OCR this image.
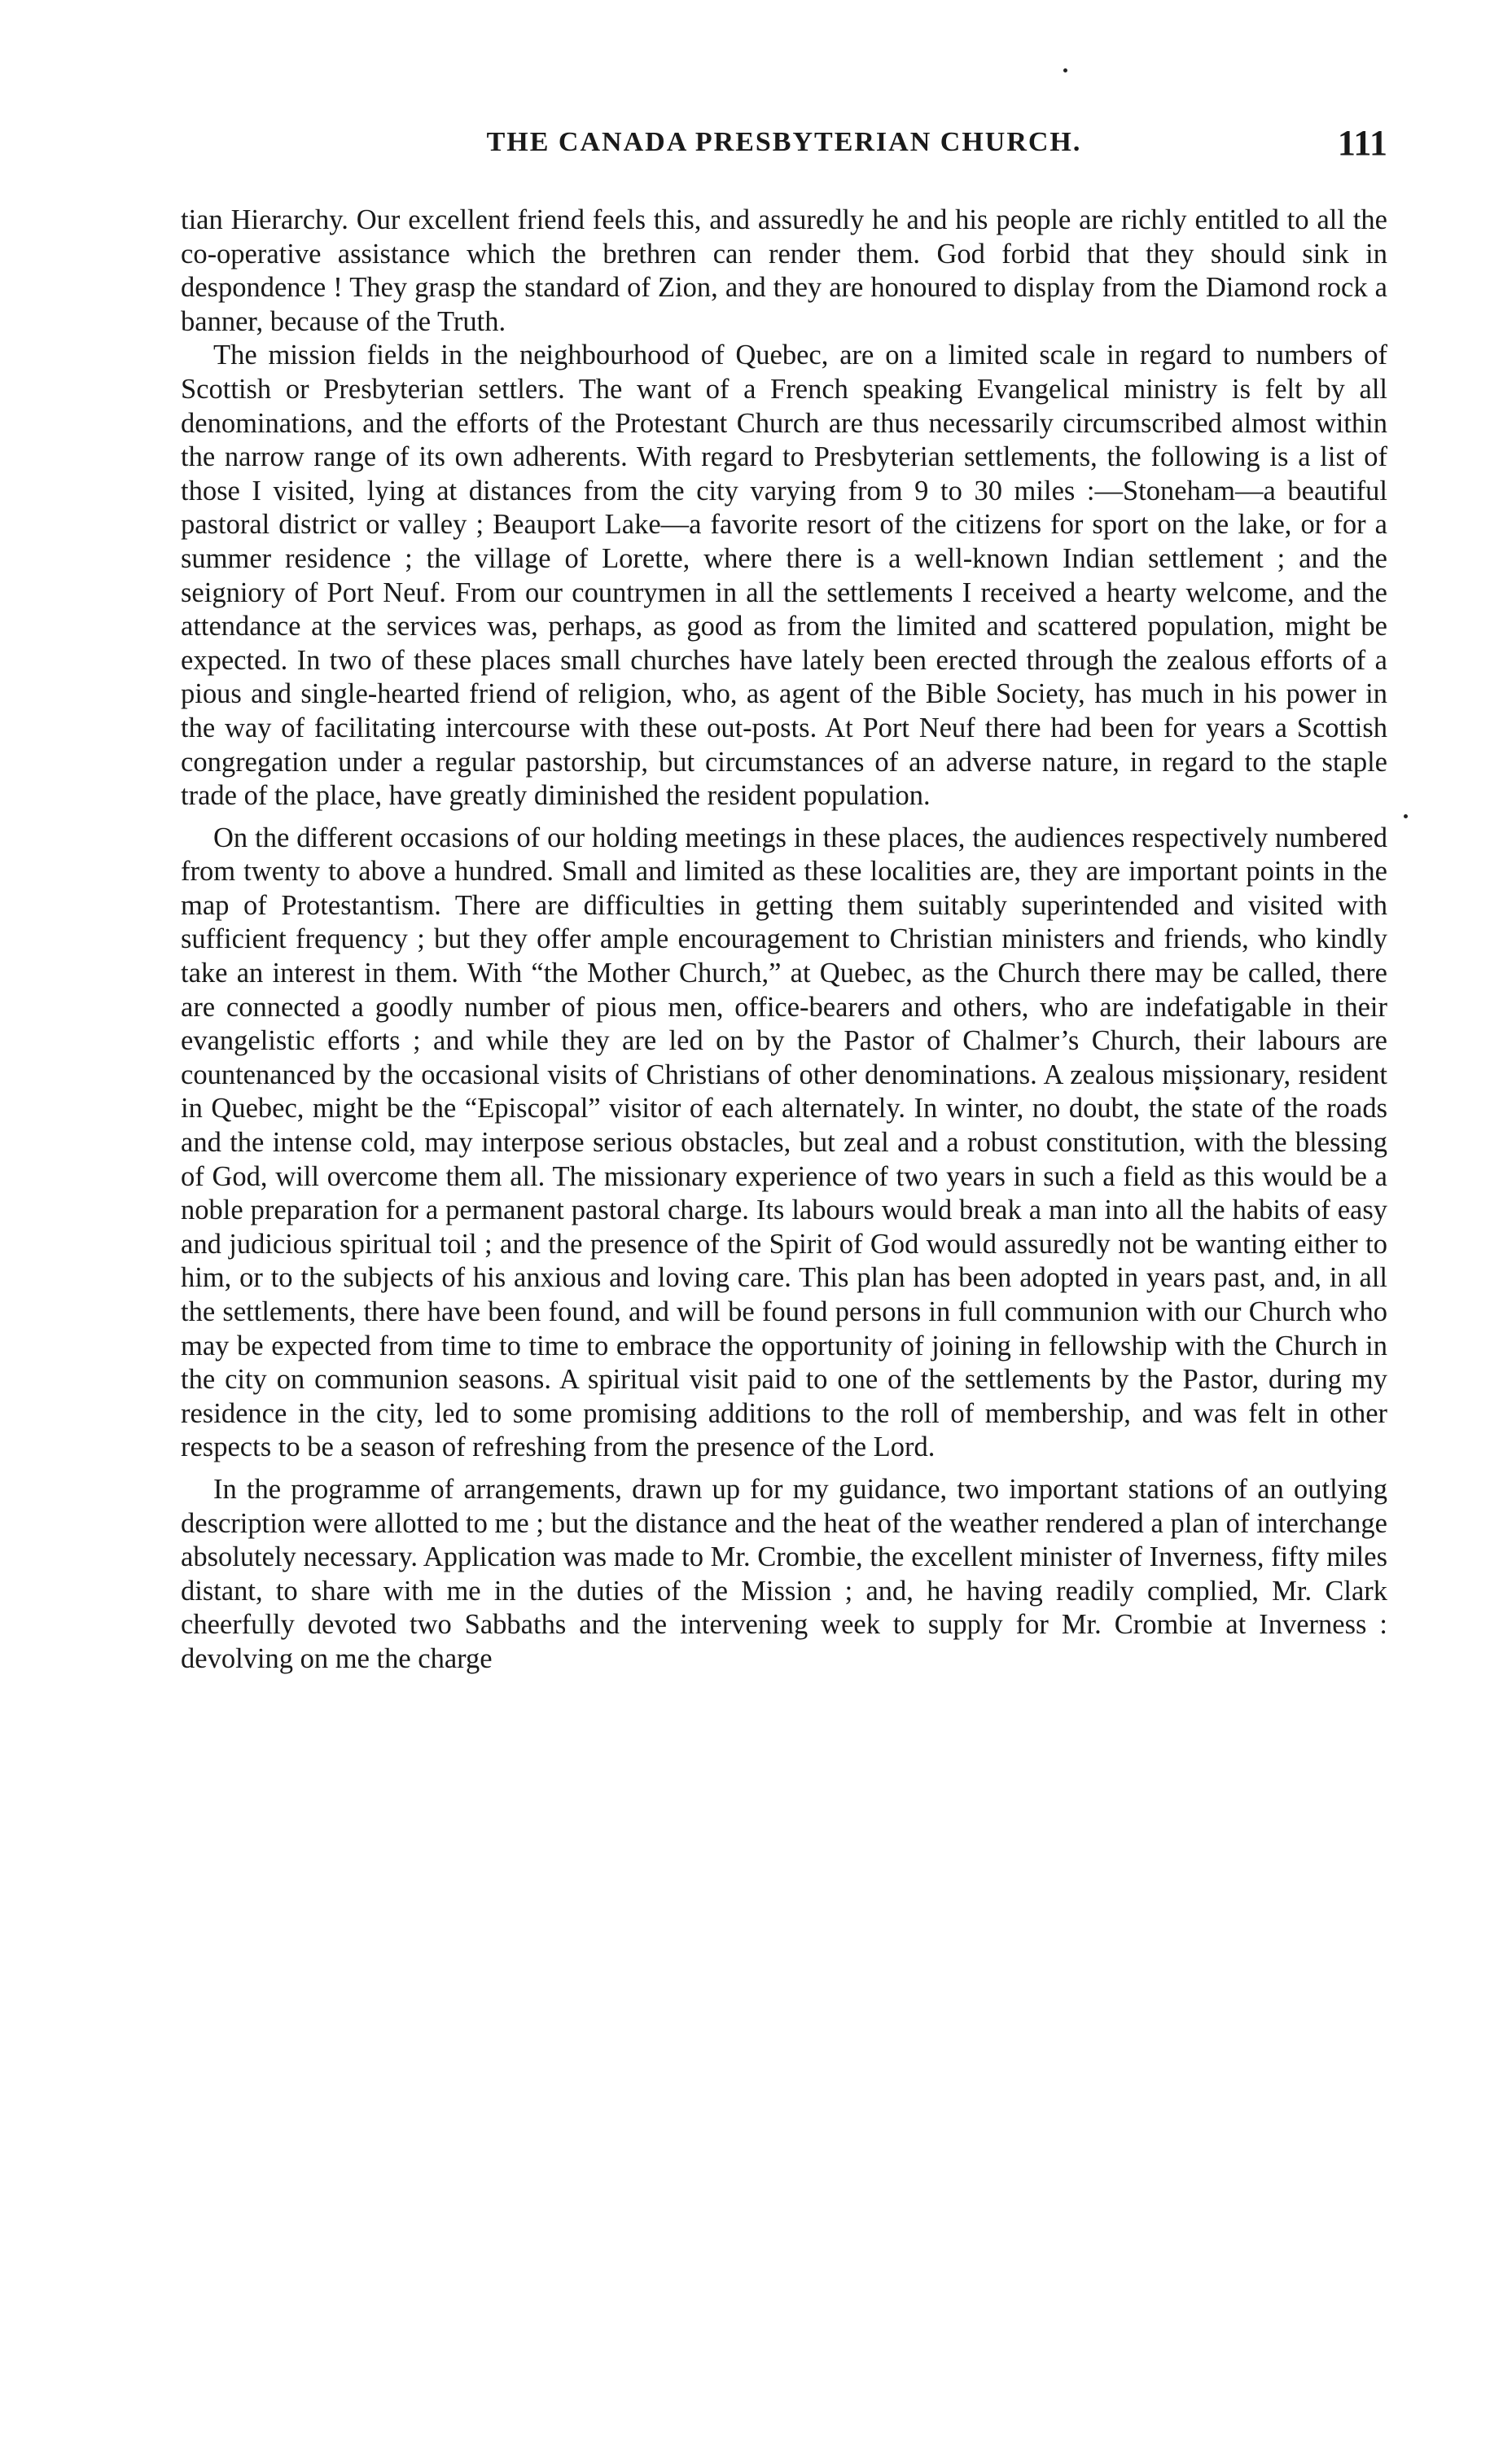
THE CANADA PRESBYTERIAN CHURCH.	111

tian Hierarchy. Our excellent friend feels this, and assuredly he and his people are richly entitled to all the co-operative assistance which the brethren can render them. God forbid that they should sink in despondence ! They grasp the standard of Zion, and they are honoured to display from the Diamond rock a banner, because of the Truth.

The mission fields in the neighbourhood of Quebec, are on a limited scale in regard to numbers of Scottish or Presbyterian settlers. The want of a French speaking Evangelical ministry is felt by all denominations, and the efforts of the Protestant Church are thus necessarily circumscribed almost within the narrow range of its own adherents. With regard to Presbyterian settlements, the following is a list of those I visited, lying at distances from the city varying from 9 to 30 miles :—Stoneham—a beautiful pastoral district or valley ; Beauport Lake—a favorite resort of the citizens for sport on the lake, or for a summer residence ; the village of Lorette, where there is a well-known Indian settlement ; and the seigniory of Port Neuf. From our countrymen in all the settlements I received a hearty welcome, and the attendance at the services was, perhaps, as good as from the limited and scattered population, might be expected. In two of these places small churches have lately been erected through the zealous efforts of a pious and single-hearted friend of religion, who, as agent of the Bible Society, has much in his power in the way of facilitating intercourse with these out-posts. At Port Neuf there had been for years a Scottish congregation under a regular pastorship, but circumstances of an adverse nature, in regard to the staple trade of the place, have greatly diminished the resident population.

On the different occasions of our holding meetings in these places, the audiences respectively numbered from twenty to above a hundred. Small and limited as these localities are, they are important points in the map of Protestantism. There are difficulties in getting them suitably superintended and visited with sufficient frequency ; but they offer ample encouragement to Christian ministers and friends, who kindly take an interest in them. With “the Mother Church,” at Quebec, as the Church there may be called, there are connected a goodly number of pious men, office-bearers and others, who are indefatigable in their evangelistic efforts ; and while they are led on by the Pastor of Chalmer’s Church, their labours are countenanced by the occasional visits of Christians of other denominations. A zealous missionary, resident in Quebec, might be the “Episcopal” visitor of each alternately. In winter, no doubt, the state of the roads and the intense cold, may interpose serious obstacles, but zeal and a robust constitution, with the blessing of God, will overcome them all. The missionary experience of two years in such a field as this would be a noble preparation for a permanent pastoral charge. Its labours would break a man into all the habits of easy and judicious spiritual toil ; and the presence of the Spirit of God would assuredly not be wanting either to him, or to the subjects of his anxious and loving care. This plan has been adopted in years past, and, in all the settlements, there have been found, and will be found persons in full communion with our Church who may be expected from time to time to embrace the opportunity of joining in fellowship with the Church in the city on communion seasons. A spiritual visit paid to one of the settlements by the Pastor, during my residence in the city, led to some promising additions to the roll of membership, and was felt in other respects to be a season of refreshing from the presence of the Lord.

In the programme of arrangements, drawn up for my guidance, two important stations of an outlying description were allotted to me ; but the distance and the heat of the weather rendered a plan of interchange absolutely necessary. Application was made to Mr. Crombie, the excellent minister of Inverness, fifty miles distant, to share with me in the duties of the Mission ; and, he having readily complied, Mr. Clark cheerfully devoted two Sabbaths and the intervening week to supply for Mr. Crombie at Inverness : devolving on me the charge
